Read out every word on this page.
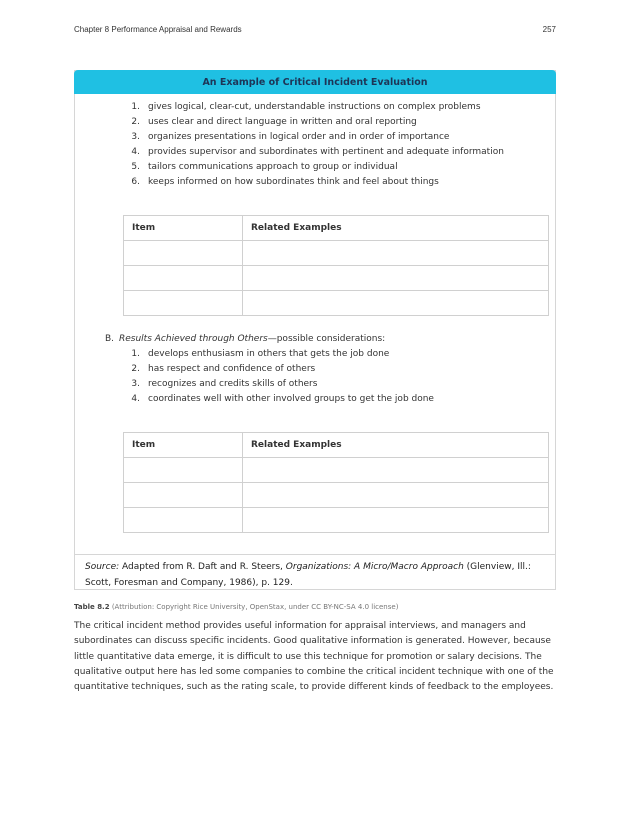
Chapter 8 Performance Appraisal and Rewards	257
An Example of Critical Incident Evaluation
1. gives logical, clear-cut, understandable instructions on complex problems
2. uses clear and direct language in written and oral reporting
3. organizes presentations in logical order and in order of importance
4. provides supervisor and subordinates with pertinent and adequate information
5. tailors communications approach to group or individual
6. keeps informed on how subordinates think and feel about things
Item	Related Examples

B. Results Achieved through Others—possible considerations:
1. develops enthusiasm in others that gets the job done
2. has respect and confidence of others
3. recognizes and credits skills of others
4. coordinates well with other involved groups to get the job done
Item	Related Examples

Source: Adapted from R. Daft and R. Steers, Organizations: A Micro/Macro Approach (Glenview, Ill.: Scott, Foresman and Company, 1986), p. 129.
Table 8.2 (Attribution: Copyright Rice University, OpenStax, under CC BY-NC-SA 4.0 license)

The critical incident method provides useful information for appraisal interviews, and managers and subordinates can discuss specific incidents. Good qualitative information is generated. However, because little quantitative data emerge, it is difficult to use this technique for promotion or salary decisions. The qualitative output here has led some companies to combine the critical incident technique with one of the quantitative techniques, such as the rating scale, to provide different kinds of feedback to the employees.
